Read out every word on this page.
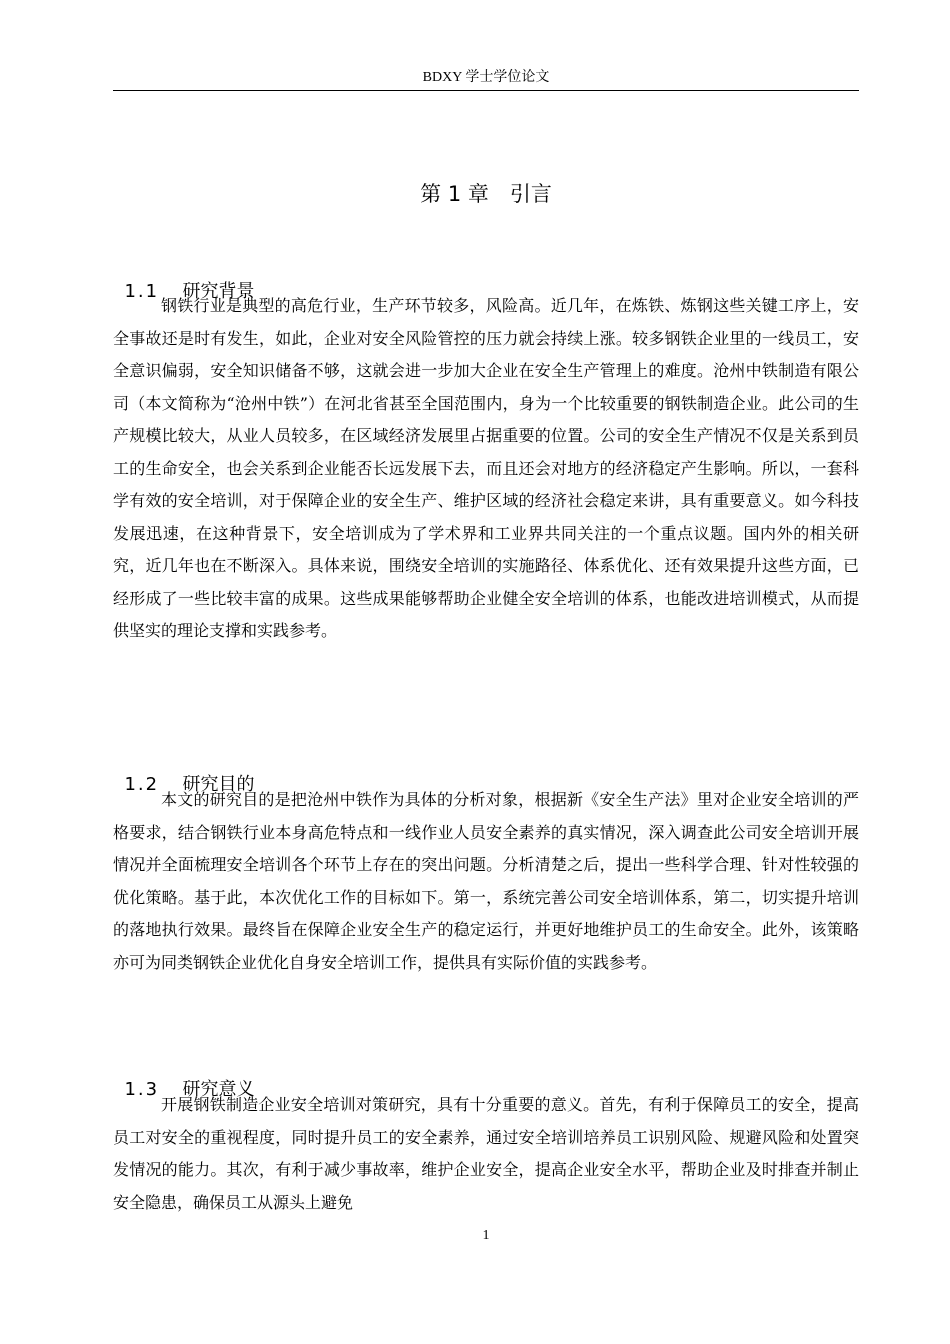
BDXY 学士学位论文
第 1 章　引言

1.1 研究背景

钢铁行业是典型的高危行业，生产环节较多，风险高。近几年，在炼铁、炼钢这些关键工序上，安全事故还是时有发生，如此，企业对安全风险管控的压力就会持续上涨。较多钢铁企业里的一线员工，安全意识偏弱，安全知识储备不够，这就会进一步加大企业在安全生产管理上的难度。沧州中铁制造有限公司（本文简称为“沧州中铁”）在河北省甚至全国范围内，身为一个比较重要的钢铁制造企业。此公司的生产规模比较大，从业人员较多，在区域经济发展里占据重要的位置。公司的安全生产情况不仅是关系到员工的生命安全，也会关系到企业能否长远发展下去，而且还会对地方的经济稳定产生影响。所以，一套科学有效的安全培训，对于保障企业的安全生产、维护区域的经济社会稳定来讲，具有重要意义。如今科技发展迅速，在这种背景下，安全培训成为了学术界和工业界共同关注的一个重点议题。国内外的相关研究，近几年也在不断深入。具体来说，围绕安全培训的实施路径、体系优化、还有效果提升这些方面，已经形成了一些比较丰富的成果。这些成果能够帮助企业健全安全培训的体系，也能改进培训模式，从而提供坚实的理论支撑和实践参考。

1.2 研究目的

本文的研究目的是把沧州中铁作为具体的分析对象，根据新《安全生产法》里对企业安全培训的严格要求，结合钢铁行业本身高危特点和一线作业人员安全素养的真实情况，深入调查此公司安全培训开展情况并全面梳理安全培训各个环节上存在的突出问题。分析清楚之后，提出一些科学合理、针对性较强的优化策略。基于此，本次优化工作的目标如下。第一，系统完善公司安全培训体系，第二，切实提升培训的落地执行效果。最终旨在保障企业安全生产的稳定运行，并更好地维护员工的生命安全。此外，该策略亦可为同类钢铁企业优化自身安全培训工作，提供具有实际价值的实践参考。

1.3 研究意义

开展钢铁制造企业安全培训对策研究，具有十分重要的意义。首先，有利于保障员工的安全，提高员工对安全的重视程度，同时提升员工的安全素养，通过安全培训培养员工识别风险、规避风险和处置突发情况的能力。其次，有利于减少事故率，维护企业安全，提高企业安全水平，帮助企业及时排查并制止安全隐患，确保员工从源头上避免

1
